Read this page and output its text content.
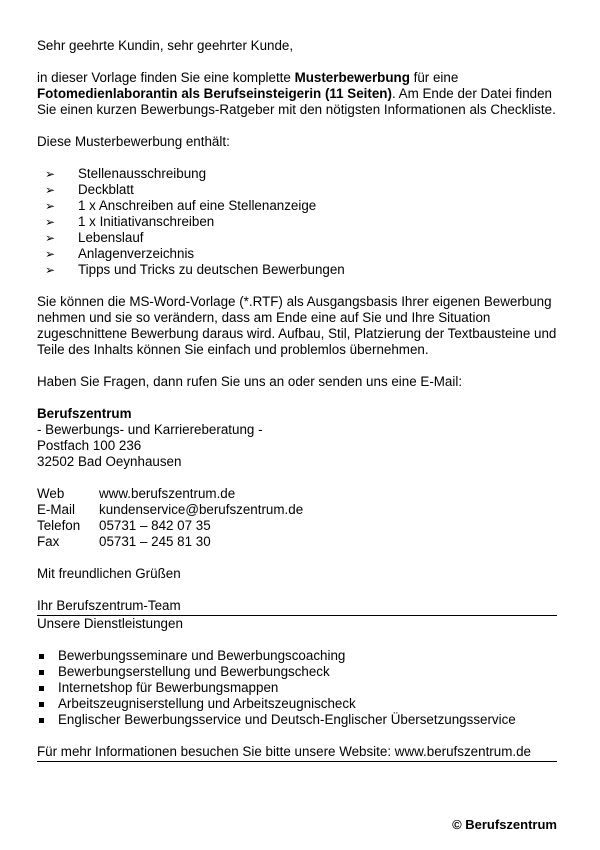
Sehr geehrte Kundin, sehr geehrter Kunde,

in dieser Vorlage finden Sie eine komplette Musterbewerbung für eine Fotomedienlaborantin als Berufseinsteigerin (11 Seiten). Am Ende der Datei finden Sie einen kurzen Bewerbungs-Ratgeber mit den nötigsten Informationen als Checkliste.

Diese Musterbewerbung enthält:

➢ Stellenausschreibung
➢ Deckblatt
➢ 1 x Anschreiben auf eine Stellenanzeige
➢ 1 x Initiativanschreiben
➢ Lebenslauf
➢ Anlagenverzeichnis
➢ Tipps und Tricks zu deutschen Bewerbungen

Sie können die MS-Word-Vorlage (*.RTF) als Ausgangsbasis Ihrer eigenen Bewerbung nehmen und sie so verändern, dass am Ende eine auf Sie und Ihre Situation zugeschnittene Bewerbung daraus wird. Aufbau, Stil, Platzierung der Textbausteine und Teile des Inhalts können Sie einfach und problemlos übernehmen.

Haben Sie Fragen, dann rufen Sie uns an oder senden uns eine E-Mail:

Berufszentrum

- Bewerbungs- und Karriereberatung -

Postfach 100 236

32502 Bad Oeynhausen

Web	www.berufszentrum.de
E-Mail	kundenservice@berufszentrum.de
Telefon	05731 – 842 07 35
Fax	05731 – 245 81 30

Mit freundlichen Grüßen

Ihr Berufszentrum-Team

Unsere Dienstleistungen

Bewerbungsseminare und Bewerbungscoaching
Bewerbungserstellung und Bewerbungscheck
Internetshop für Bewerbungsmappen
Arbeitszeugniserstellung und Arbeitszeugnischeck
Englischer Bewerbungsservice und Deutsch-Englischer Übersetzungsservice

Für mehr Informationen besuchen Sie bitte unsere Website: www.berufszentrum.de

© Berufszentrum
